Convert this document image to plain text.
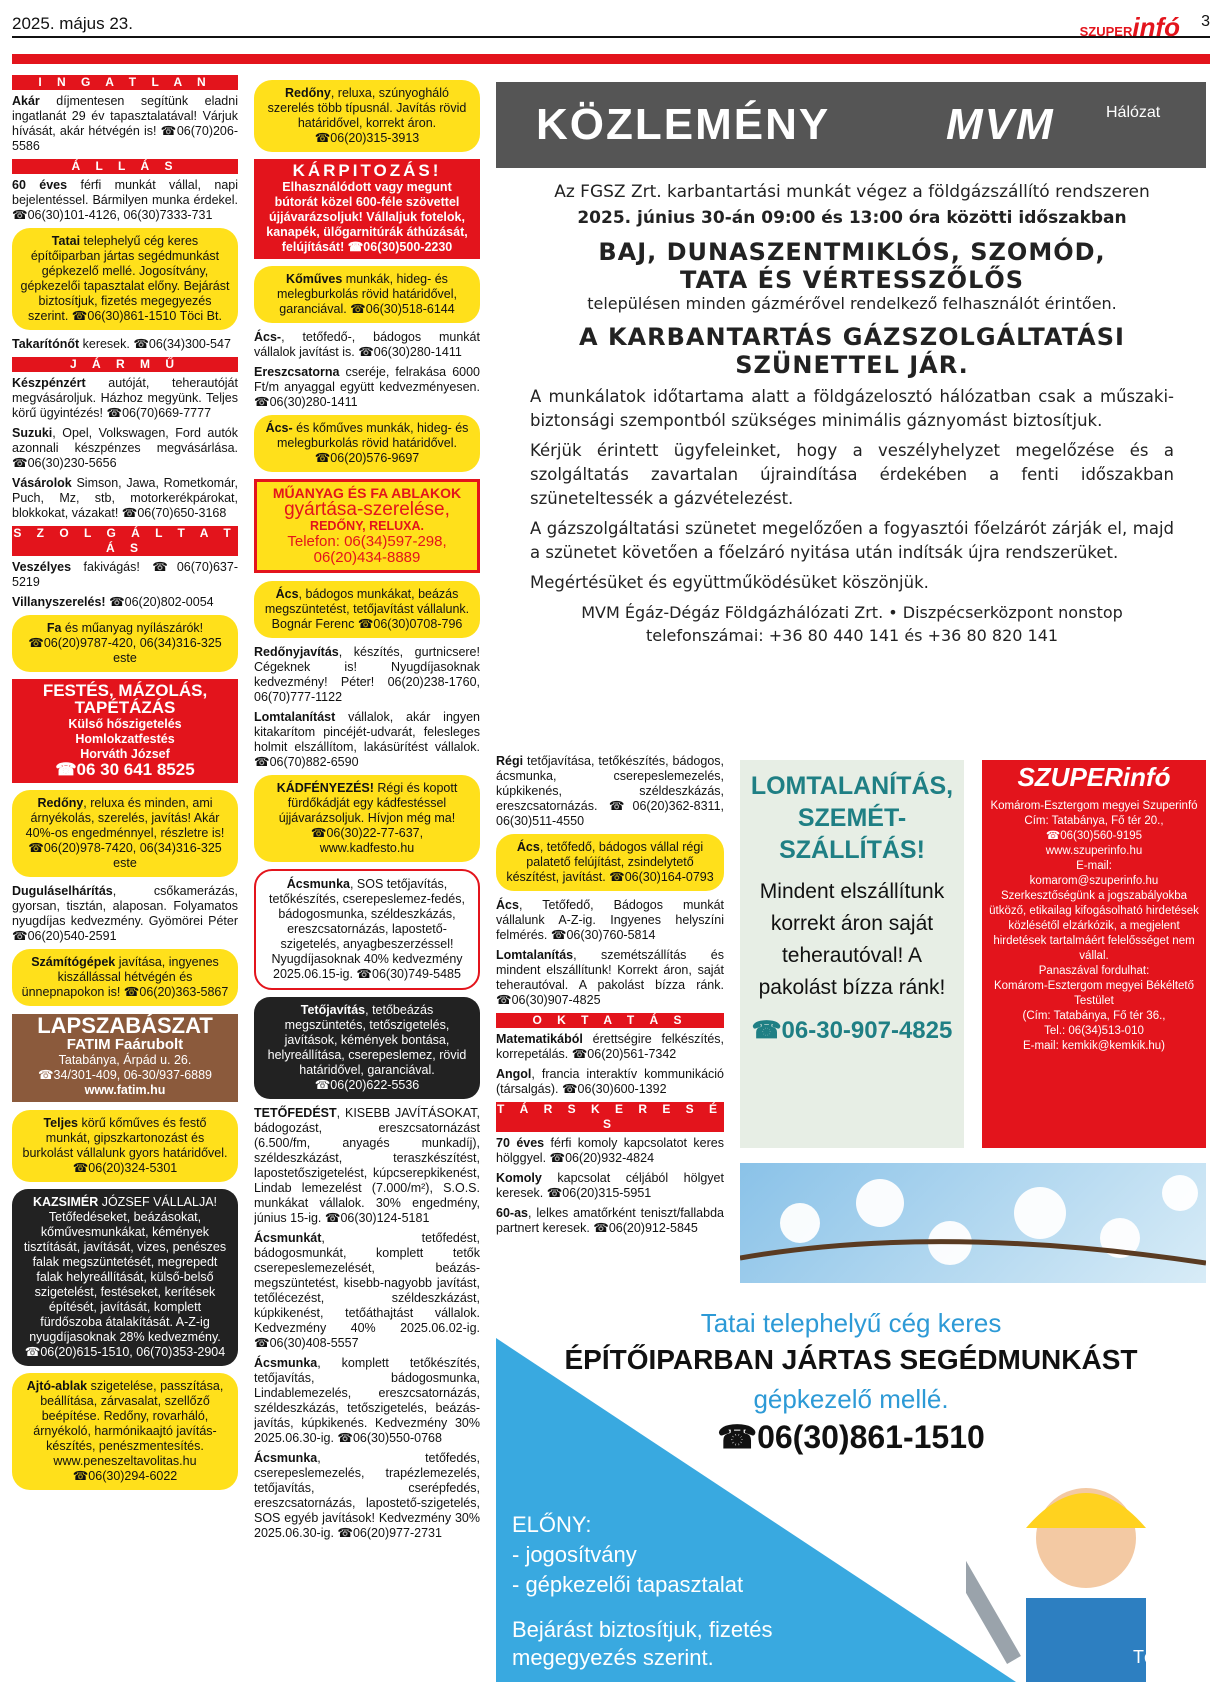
2025. május 23.	SZUPERinfó 3
I N G A T L A N
Akár díjmentesen segítünk eladni ingatlanát 29 év tapasztalatával! Várjuk hívását, akár hétvégén is! ☎06(70)206-5586
Á L L Á S
60 éves férfi munkát vállal, napi bejelentéssel. Bármilyen munka érdekel. ☎06(30)101-4126, 06(30)7333-731
Tatai telephelyű cég keres építőiparban jártas segédmunkást gépkezelő mellé. Jogosítvány, gépkezelői tapasztalat előny. Bejárást biztosítjuk, fizetés megegyezés szerint. ☎06(30)861-1510 Töci Bt.
Takarítónőt keresek. ☎06(34)300-547
J Á R M Ű
Készpénzért autóját, teherautóját megvásároljuk. Házhoz megyünk. Teljes körű ügyintézés! ☎06(70)669-7777
Suzuki, Opel, Volkswagen, Ford autók azonnali készpénzes megvásárlása. ☎06(30)230-5656
Vásárolok Simson, Jawa, Rometkomár, Puch, Mz, stb, motorkerékpárokat, blokkokat, vázakat! ☎06(70)650-3168
S Z O L G Á L T A T Á S
Veszélyes fakivágás! ☎06(70)637-5219
Villanyszerelés! ☎06(20)802-0054
Fa és műanyag nyílászárók! ☎06(20)9787-420, 06(34)316-325 este
FESTÉS, MÁZOLÁS, TAPÉTÁZÁS
Külső hőszigetelés
Homlokzatfestés
Horváth József
☎06 30 641 8525
Redőny, reluxa és minden, ami árnyékolás, szerelés, javítás! Akár 40%-os engedménnyel, részletre is! ☎06(20)978-7420, 06(34)316-325 este
Duguláselhárítás, csőkamerázás, gyorsan, tisztán, alaposan. Folyamatos nyugdíjas kedvezmény. Gyömörei Péter ☎06(20)540-2591
Számítógépek javítása, ingyenes kiszállással hétvégén és ünnepnapokon is! ☎06(20)363-5867
LAPSZABÁSZAT
FATIM Faárubolt
Tatabánya, Árpád u. 26.
☎34/301-409, 06-30/937-6889
www.fatim.hu
Teljes körű kőműves és festő munkát, gipszkartonozást és burkolást vállalunk gyors határidővel. ☎06(20)324-5301
KAZSIMÉR JÓZSEF VÁLLALJA! Tetőfedéseket, beázásokat, kőművesmunkákat, kémények tisztítását, javítását, vizes, penészes falak megszüntetését, megrepedt falak helyreállítását, külső-belső szigetelést, festéseket, kerítések építését, javítását, komplett fürdőszoba átalakítását. A-Z-ig nyugdíjasoknak 28% kedvezmény. ☎06(20)615-1510, 06(70)353-2904
Ajtó-ablak szigetelése, passzítása, beállítása, zárvasalat, szellőző beépítése. Redőny, rovarháló, árnyékoló, harmónikaajtó javítás-készítés, penészmentesítés. www.peneszeltavolitas.hu ☎06(30)294-6022
Redőny, reluxa, szúnyogháló szerelés több típusnál. Javítás rövid határidővel, korrekt áron. ☎06(20)315-3913
KÁRPITOZÁS!
Elhasználódott vagy megunt bútorát közel 600-féle szövettel újjávarázsoljuk! Vállaljuk fotelok, kanapék, ülőgarnitúrák áthúzását, felújítását! ☎06(30)500-2230
Kőműves munkák, hideg- és melegburkolás rövid határidővel, garanciával. ☎06(30)518-6144
Ács-, tetőfedő-, bádogos munkát vállalok javítást is. ☎06(30)280-1411
Ereszcsatorna cseréje, felrakása 6000 Ft/m anyaggal együtt kedvezményesen. ☎06(30)280-1411
Ács- és kőműves munkák, hideg- és melegburkolás rövid határidővel. ☎06(20)576-9697
MŰANYAG ÉS FA ABLAKOK
gyártása-szerelése,
REDŐNY, RELUXA.
Telefon: 06(34)597-298, 06(20)434-8889
Ács, bádogos munkákat, beázás megszüntetést, tetőjavítást vállalunk. Bognár Ferenc ☎06(30)0708-796
Redőnyjavítás, készítés, gurtnicsere! Cégeknek is! Nyugdíjasoknak kedvezmény! Péter! 06(20)238-1760, 06(70)777-1122
Lomtalanítást vállalok, akár ingyen kitakarítom pincéjét-udvarát, felesleges holmit elszállítom, lakásürítést vállalok. ☎06(70)882-6590
KÁDFÉNYEZÉS! Régi és kopott fürdőkádját egy kádfestéssel újjávarázsoljuk. Hívjon még ma! ☎06(30)22-77-637, www.kadfesto.hu
Ácsmunka, SOS tetőjavítás, tetőkészítés, cserepeslemez-fedés, bádogosmunka, széldeszkázás, ereszcsatornázás, lapostető-szigetelés, anyagbeszerzéssel! Nyugdíjasoknak 40% kedvezmény 2025.06.15-ig. ☎06(30)749-5485
Tetőjavítás, tetőbeázás megszüntetés, tetőszigetelés, javítások, kémények bontása, helyreállítása, cserepeslemez, rövid határidővel, garanciával. ☎06(20)622-5536
TETŐFEDÉST, KISEBB JAVÍTÁSOKAT, bádogozást, ereszcsatornázást (6.500/fm, anyagés munkadíj), széldeszkázást, teraszkészítést, lapostetőszigetelést, kúpcserepkikenést, Lindab lemezelést (7.000/m²), S.O.S. munkákat vállalok. 30% engedmény, június 15-ig. ☎06(30)124-5181
Ácsmunkát, tetőfedést, bádogosmunkát, komplett tetők cserepeslemezelését, beázás-megszüntetést, kisebb-nagyobb javítást, tetőlécezést, széldeszkázást, kúpkikenést, tetőáthajtást vállalok. Kedvezmény 40% 2025.06.02-ig. ☎06(30)408-5557
Ácsmunka, komplett tetőkészítés, tetőjavítás, bádogosmunka, Lindablemezelés, ereszcsatornázás, széldeszkázás, tetőszigetelés, beázás-javítás, kúpkikenés. Kedvezmény 30% 2025.06.30-ig. ☎06(30)550-0768
Ácsmunka, tetőfedés, cserepeslemezelés, trapézlemezelés, tetőjavítás, cserépfedés, ereszcsatornázás, lapostető-szigetelés, SOS egyéb javítások! Kedvezmény 30% 2025.06.30-ig. ☎06(20)977-2731
Régi tetőjavítása, tetőkészítés, bádogos, ácsmunka, cserepeslemezelés, kúpkikenés, széldeszkázás, ereszcsatornázás. ☎06(20)362-8311, 06(30)511-4550
Ács, tetőfedő, bádogos vállal régi palatető felújítást, zsindelytető készítést, javítást. ☎06(30)164-0793
Ács, Tetőfedő, Bádogos munkát vállalunk A-Z-ig. Ingyenes helyszíni felmérés. ☎06(30)760-5814
Lomtalanítás, szemétszállítás és mindent elszállítunk! Korrekt áron, saját teherautóval. A pakolást bízza ránk. ☎06(30)907-4825
O K T A T Á S
Matematikából érettségire felkészítés, korrepetálás. ☎06(20)561-7342
Angol, francia interaktív kommunikáció (társalgás). ☎06(30)600-1392
T Á R S K E R E S É S
70 éves férfi komoly kapcsolatot keres hölggyel. ☎06(20)932-4824
Komoly kapcsolat céljából hölgyet keresek. ☎06(20)315-5951
60-as, lelkes amatőrként teniszt/fallabda partnert keresek. ☎06(20)912-5845
KÖZLEMÉNY	MVM	Hálózat
Az FGSZ Zrt. karbantartási munkát végez a földgázszállító rendszeren
2025. június 30-án 09:00 és 13:00 óra közötti időszakban
BAJ, DUNASZENTMIKLÓS, SZOMÓD, TATA ÉS VÉRTESSZŐLŐS
településen minden gázmérővel rendelkező felhasználót érintően.
A KARBANTARTÁS GÁZSZOLGÁLTATÁSI SZÜNETTEL JÁR.

A munkálatok időtartama alatt a földgázelosztó hálózatban csak a műszaki-biztonsági szempontból szükséges minimális gáznyomást biztosítjuk.

Kérjük érintett ügyfeleinket, hogy a veszélyhelyzet megelőzése és a szolgáltatás zavartalan újraindítása érdekében a fenti időszakban szüneteltessék a gázvételezést.

A gázszolgáltatási szünetet megelőzően a fogyasztói főelzárót zárják el, majd a szünetet követően a főelzáró nyitása után indítsák újra rendszerüket.

Megértésüket és együttműködésüket köszönjük.

MVM Égáz-Dégáz Földgázhálózati Zrt. • Diszpécserközpont nonstop telefonszámai: +36 80 440 141 és +36 80 820 141

LOMTALANÍTÁS, SZEMÉT-SZÁLLÍTÁS!
Mindent elszállítunk korrekt áron saját teherautóval! A pakolást bízza ránk!
☎06-30-907-4825
SZUPERinfó
Komárom-Esztergom megyei Szuperinfó
Cím: Tatabánya, Fő tér 20.,
☎06(30)560-9195
www.szuperinfo.hu
E-mail:
komarom@szuperinfo.hu
Szerkesztőségünk a jogszabályokba ütköző, etikailag kifogásolható hirdetések közlésétől elzárkózik, a megjelent hirdetések tartalmáért felelősséget nem vállal.
Panaszával fordulhat:
Komárom-Esztergom megyei Békéltető Testület
(Cím: Tatabánya, Fő tér 36.,
Tel.: 06(34)513-010
E-mail: kemkik@kemkik.hu)
Tatai telephelyű cég keres
ÉPÍTŐIPARBAN JÁRTAS SEGÉDMUNKÁST
gépkezelő mellé.
☎06(30)861-1510
ELŐNY:
- jogosítvány
- gépkezelői tapasztalat
Bejárást biztosítjuk, fizetés megegyezés szerint.	Töci Bt.
